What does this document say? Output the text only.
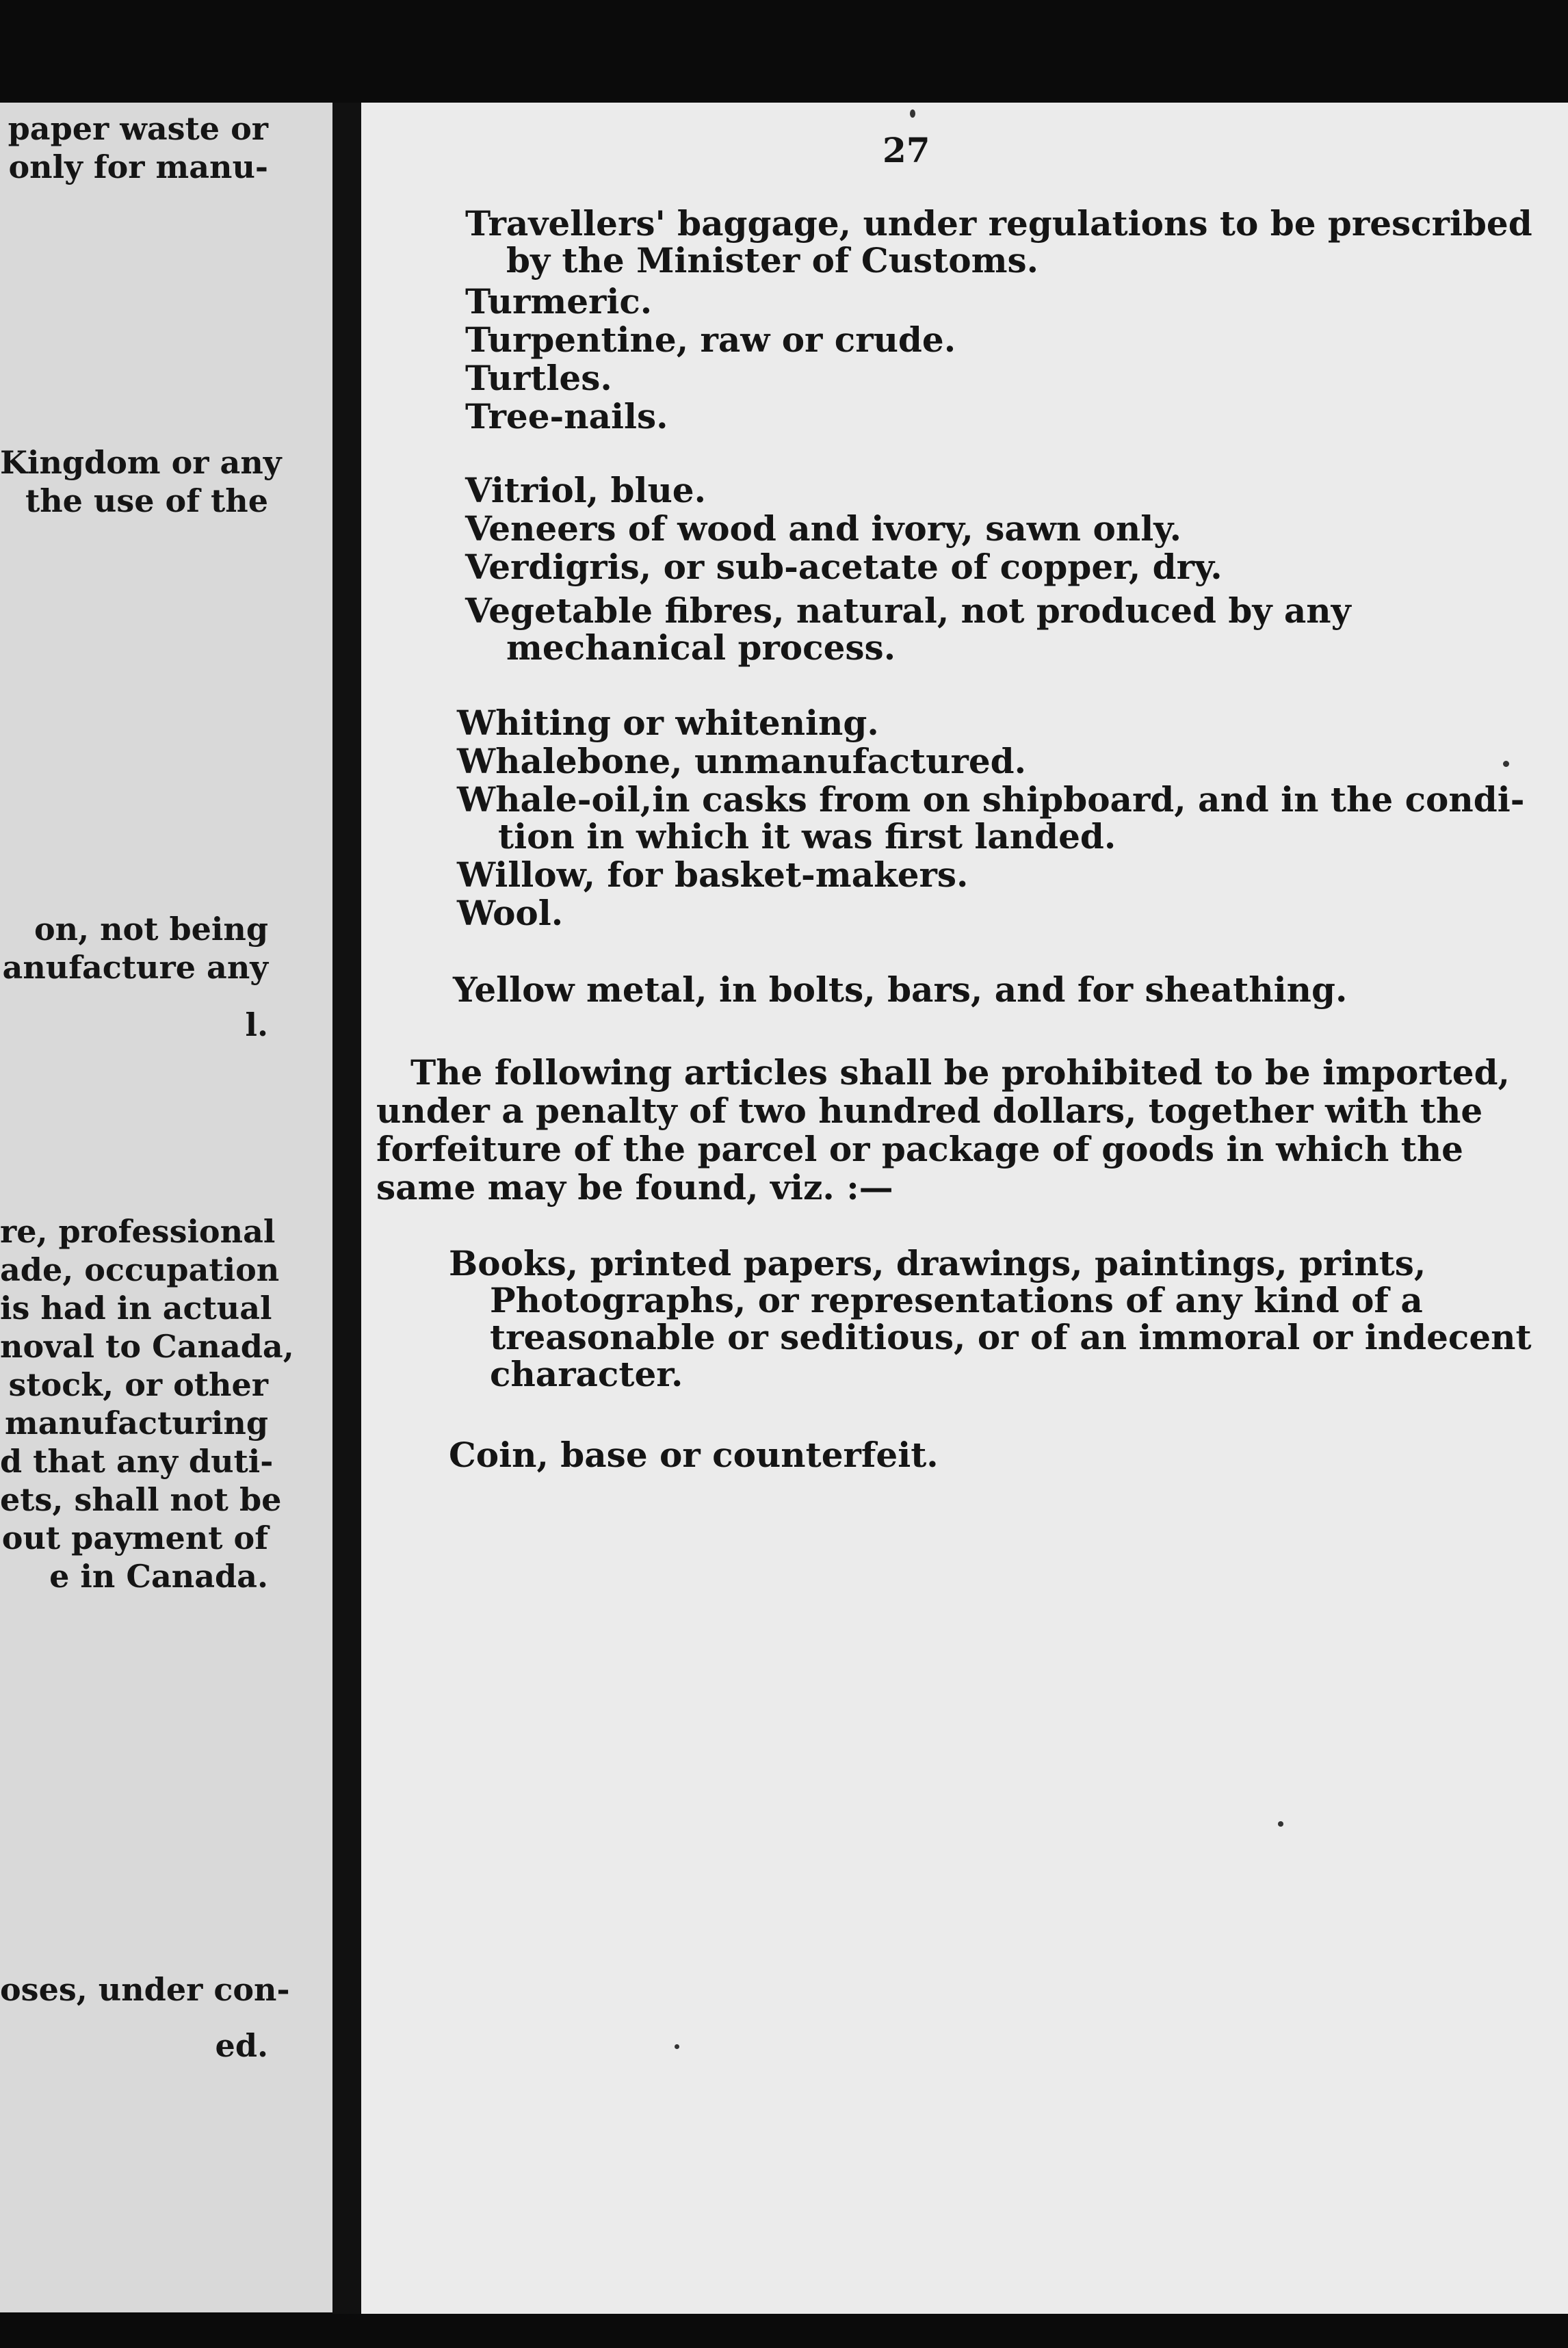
paper waste or
only for manu-
Kingdom or any
the use of the
on, not being
anufacture any
l.
re, professional
ade, occupation
is had in actual
noval to Canada,
stock, or other
manufacturing
d that any duti-
ets, shall not be
out payment of
e in Canada.
oses, under con-
ed.
27
Travellers' baggage, under regulations to be prescribed
by the Minister of Customs.
Turmeric.
Turpentine, raw or crude.
Turtles.
Tree-nails.
Vitriol, blue.
Veneers of wood and ivory, sawn only.
Verdigris, or sub-acetate of copper, dry.
Vegetable fibres, natural, not produced by any
mechanical process.
Whiting or whitening.
Whalebone, unmanufactured.
Whale-oil,in casks from on shipboard, and in the condi-
tion in which it was first landed.
Willow, for basket-makers.
Wool.
Yellow metal, in bolts, bars, and for sheathing.
The following articles shall be prohibited to be imported,
under a penalty of two hundred dollars, together with the
forfeiture of the parcel or package of goods in which the
same may be found, viz. :—
Books, printed papers, drawings, paintings, prints,
Photographs, or representations of any kind of a
treasonable or seditious, or of an immoral or indecent
character.
Coin, base or counterfeit.
